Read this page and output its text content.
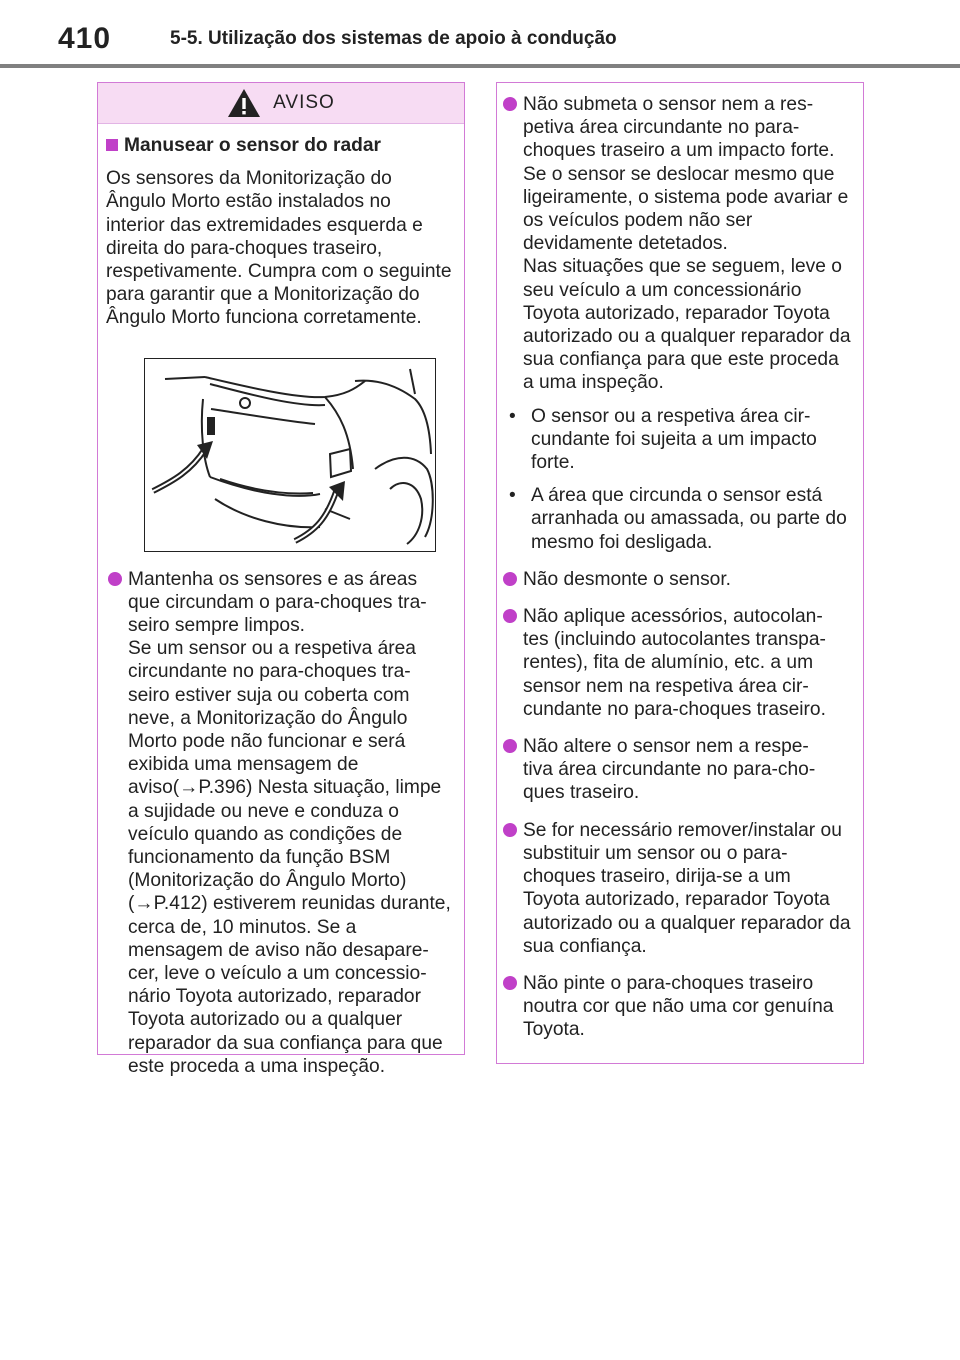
410	5-5. Utilização dos sistemas de apoio à condução
AVISO
Manusear o sensor do radar
Os sensores da Monitorização do Ângulo Morto estão instalados no interior das extremidades esquerda e direita do para-choques traseiro, respetivamente. Cumpra com o seguinte para garantir que a Monitorização do Ângulo Morto funciona corretamente.
Mantenha os sensores e as áreas que circundam o para-choques tra-
seiro sempre limpos.
Se um sensor ou a respetiva área circundante no para-choques tra-
seiro estiver suja ou coberta com neve, a Monitorização do Ângulo Morto pode não funcionar e será exibida uma mensagem de aviso(→P.396) Nesta situação, limpe a sujidade ou neve e conduza o veículo quando as condições de funcionamento da função BSM (Monitorização do Ângulo Morto) (→P.412) estiverem reunidas durante, cerca de, 10 minutos. Se a mensagem de aviso não desapare-
cer, leve o veículo a um concessio-
nário Toyota autorizado, reparador Toyota autorizado ou a qualquer reparador da sua confiança para que este proceda a uma inspeção.
Não submeta o sensor nem a res-
petiva área circundante no para-
choques traseiro a um impacto forte.
Se o sensor se deslocar mesmo que ligeiramente, o sistema pode avariar e os veículos podem não ser devidamente detetados.
Nas situações que se seguem, leve o seu veículo a um concessionário Toyota autorizado, reparador Toyota autorizado ou a qualquer reparador da sua confiança para que este proceda a uma inspeção.
• O sensor ou a respetiva área cir-
cundante foi sujeita a um impacto forte.
• A área que circunda o sensor está arranhada ou amassada, ou parte do mesmo foi desligada.
Não desmonte o sensor.
Não aplique acessórios, autocolan-
tes (incluindo autocolantes transpa-
rentes), fita de alumínio, etc. a um sensor nem na respetiva área cir-
cundante no para-choques traseiro.
Não altere o sensor nem a respe-
tiva área circundante no para-cho-
ques traseiro.
Se for necessário remover/instalar ou substituir um sensor ou o para-
choques traseiro, dirija-se a um Toyota autorizado, reparador Toyota autorizado ou a qualquer reparador da sua confiança.
Não pinte o para-choques traseiro noutra cor que não uma cor genuína Toyota.
